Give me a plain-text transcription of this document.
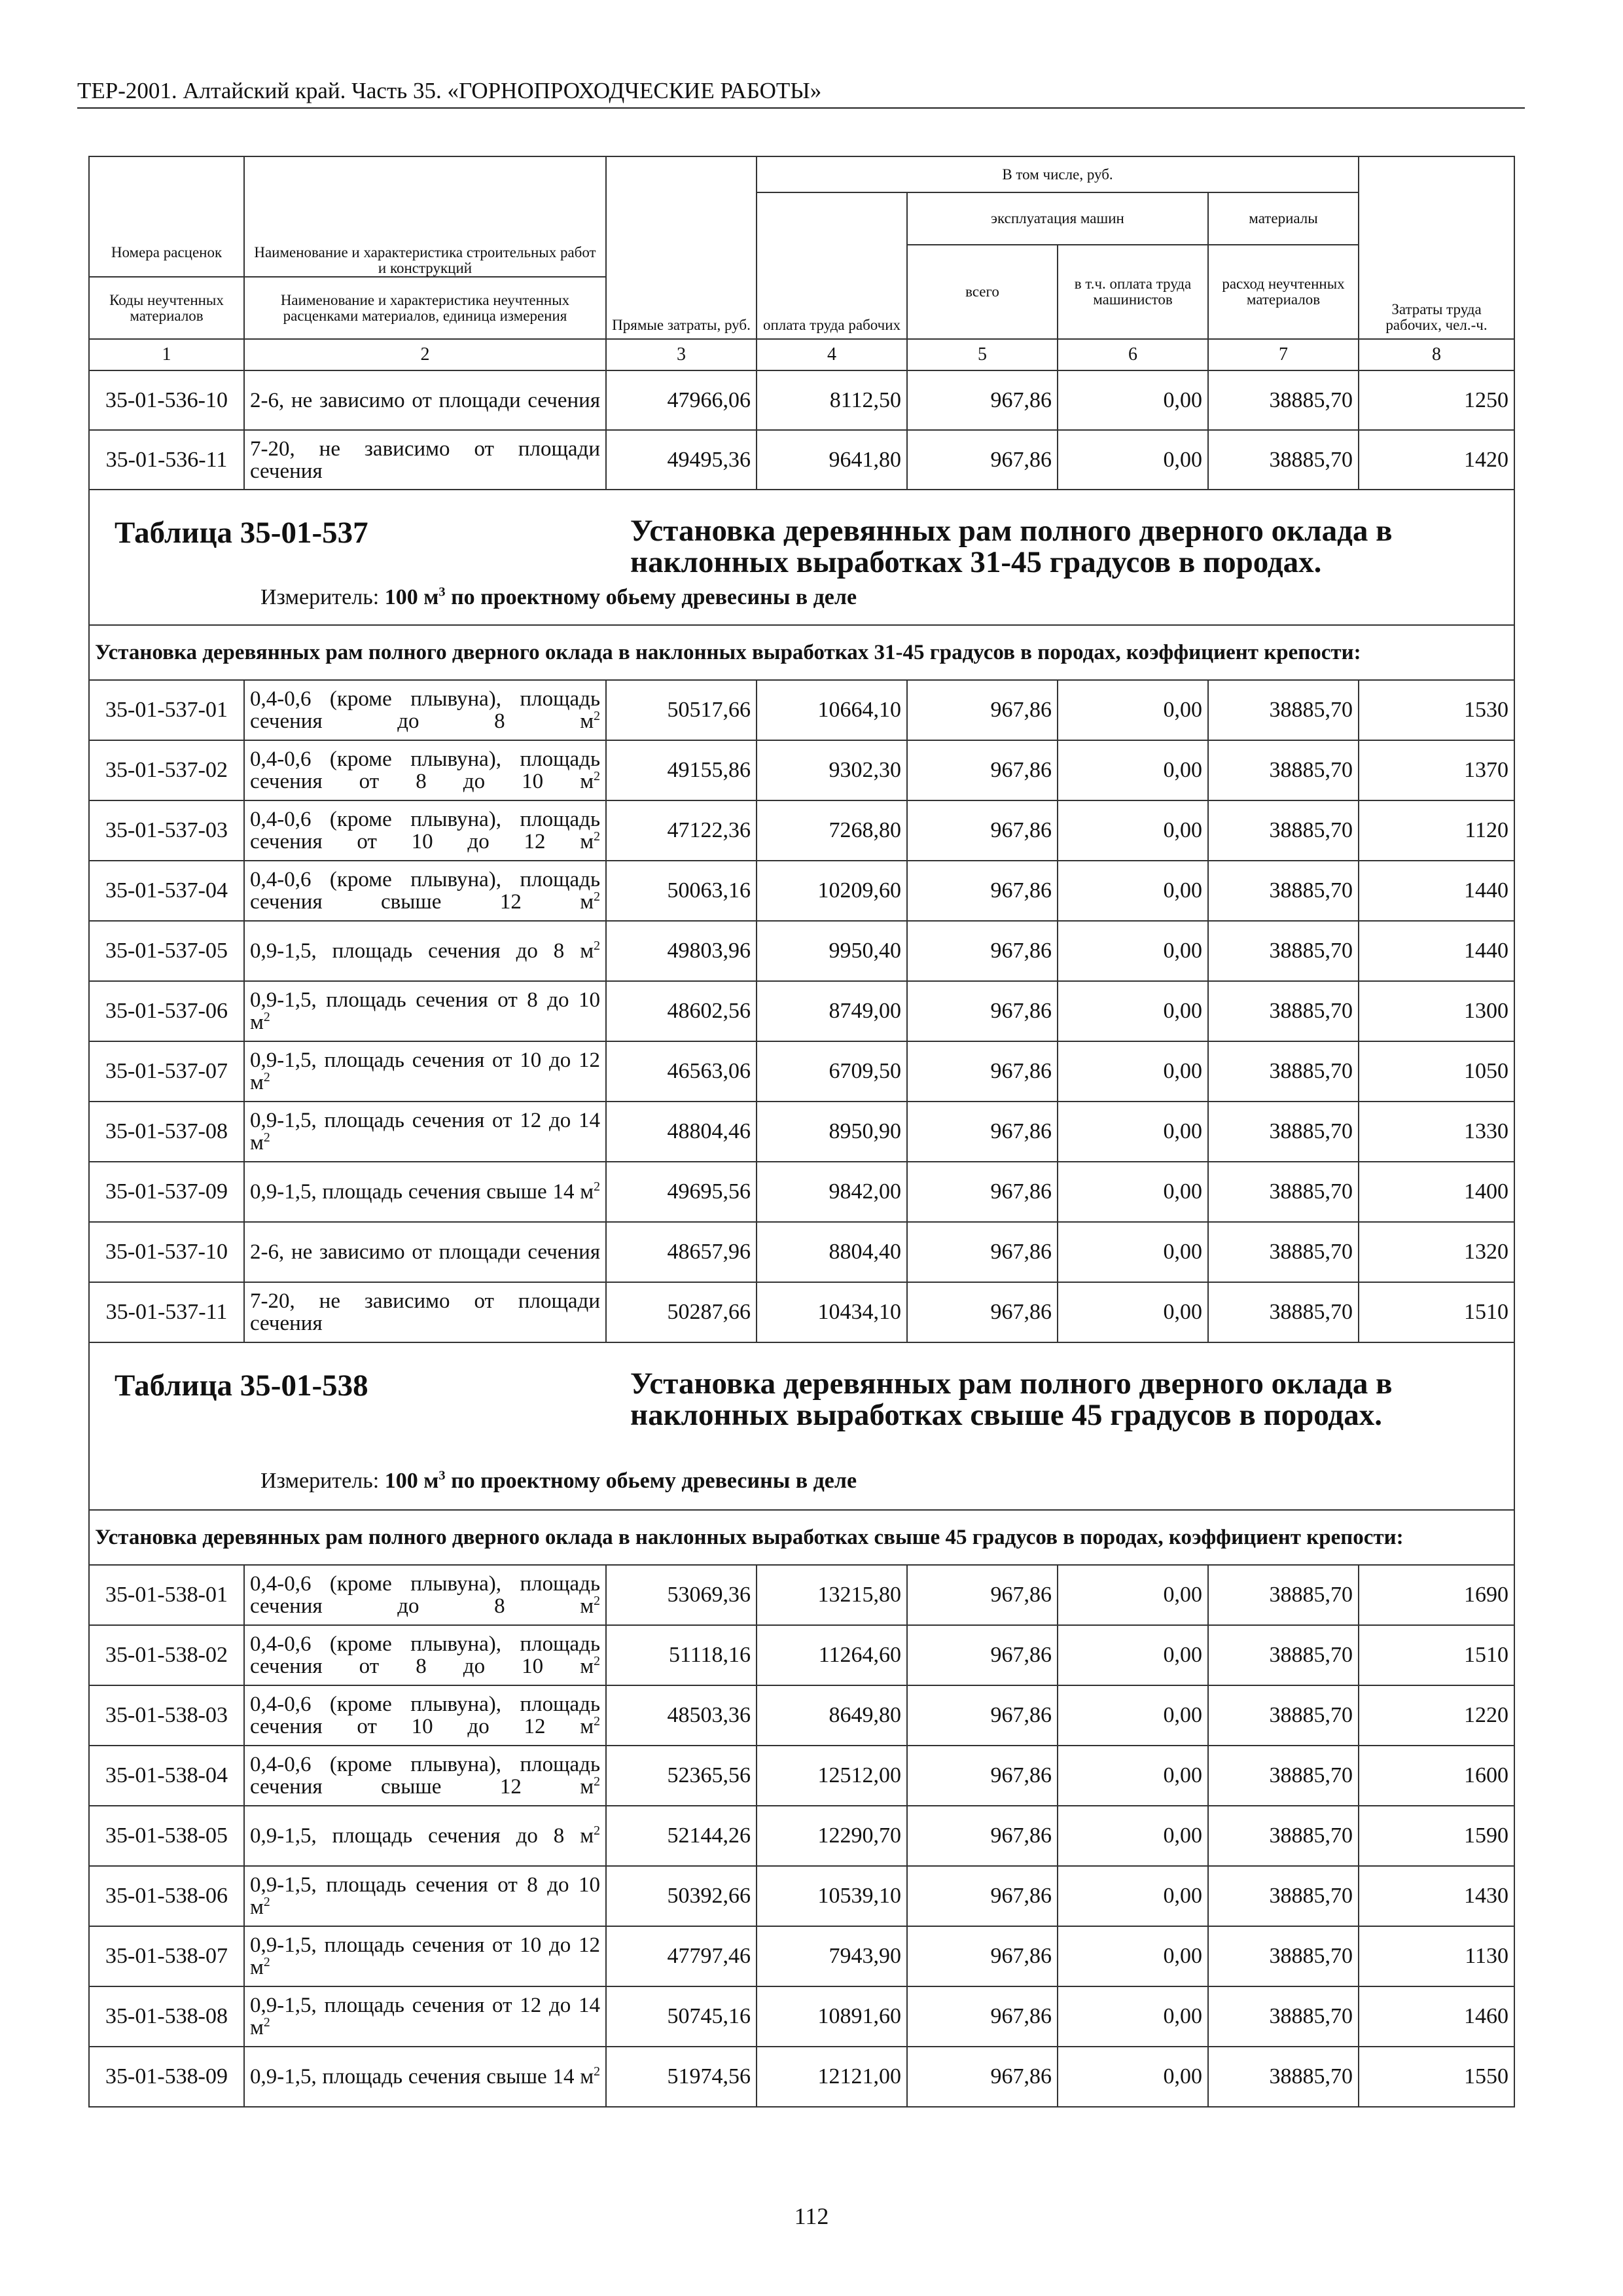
ТЕР-2001. Алтайский край. Часть 35. «ГОРНОПРОХОДЧЕСКИЕ РАБОТЫ»
		Прямые затраты, руб.	В том числе, руб.				Затраты труда рабочих, чел.-ч.
			оплата труда рабочих	эксплуатация машин		материалы	
Номера расценок	Наименование и характеристика строительных работ и конструкций			всего	в т.ч. оплата труда машинистов	расход неучтенных материалов	
Коды неучтенных материалов	Наименование и характеристика неучтенных расценками материалов, единица измерения						
1	2	3	4	5	6	7	8
35-01-536-10	2-6, не зависимо от площади сечения	47966,06	8112,50	967,86	0,00	38885,70	1250
35-01-536-11	7-20, не зависимо от площади сечения	49495,36	9641,80	967,86	0,00	38885,70	1420

Таблица 35-01-537 Установка деревянных рам полного дверного оклада в наклонных выработках 31-45 градусов в породах.
Измеритель: 100 $м^3$ по проектному обьему древесины в деле							

Установка деревянных рам полного дверного оклада в наклонных выработках 31-45 градусов в породах, коэффициент крепости:							
35-01-537-01	0,4-0,6 (кроме плывуна), площадь сечения до 8 $м^2$	50517,66	10664,10	967,86	0,00	38885,70	1530
35-01-537-02	0,4-0,6 (кроме плывуна), площадь сечения от 8 до 10 $м^2$	49155,86	9302,30	967,86	0,00	38885,70	1370
35-01-537-03	0,4-0,6 (кроме плывуна), площадь сечения от 10 до 12 $м^2$	47122,36	7268,80	967,86	0,00	38885,70	1120
35-01-537-04	0,4-0,6 (кроме плывуна), площадь сечения свыше 12 $м^2$	50063,16	10209,60	967,86	0,00	38885,70	1440
35-01-537-05	0,9-1,5, площадь сечения до 8 $м^2$	49803,96	9950,40	967,86	0,00	38885,70	1440
35-01-537-06	0,9-1,5, площадь сечения от 8 до 10 $м^2$	48602,56	8749,00	967,86	0,00	38885,70	1300
35-01-537-07	0,9-1,5, площадь сечения от 10 до 12 $м^2$	46563,06	6709,50	967,86	0,00	38885,70	1050
35-01-537-08	0,9-1,5, площадь сечения от 12 до 14 $м^2$	48804,46	8950,90	967,86	0,00	38885,70	1330
35-01-537-09	0,9-1,5, площадь сечения свыше 14 $м^2$	49695,56	9842,00	967,86	0,00	38885,70	1400
35-01-537-10	2-6, не зависимо от площади сечения	48657,96	8804,40	967,86	0,00	38885,70	1320
35-01-537-11	7-20, не зависимо от площади сечения	50287,66	10434,10	967,86	0,00	38885,70	1510

Таблица 35-01-538 Установка деревянных рам полного дверного оклада в наклонных выработках свыше 45 градусов в породах.
Измеритель: 100 $м^3$ по проектному обьему древесины в деле							

Установка деревянных рам полного дверного оклада в наклонных выработках свыше 45 градусов в породах, коэффициент крепости:							
35-01-538-01	0,4-0,6 (кроме плывуна), площадь сечения до 8 $м^2$	53069,36	13215,80	967,86	0,00	38885,70	1690
35-01-538-02	0,4-0,6 (кроме плывуна), площадь сечения от 8 до 10 $м^2$	51118,16	11264,60	967,86	0,00	38885,70	1510
35-01-538-03	0,4-0,6 (кроме плывуна), площадь сечения от 10 до 12 $м^2$	48503,36	8649,80	967,86	0,00	38885,70	1220
35-01-538-04	0,4-0,6 (кроме плывуна), площадь сечения свыше 12 $м^2$	52365,56	12512,00	967,86	0,00	38885,70	1600
35-01-538-05	0,9-1,5, площадь сечения до 8 $м^2$	52144,26	12290,70	967,86	0,00	38885,70	1590
35-01-538-06	0,9-1,5, площадь сечения от 8 до 10 $м^2$	50392,66	10539,10	967,86	0,00	38885,70	1430
35-01-538-07	0,9-1,5, площадь сечения от 10 до 12 $м^2$	47797,46	7943,90	967,86	0,00	38885,70	1130
35-01-538-08	0,9-1,5, площадь сечения от 12 до 14 $м^2$	50745,16	10891,60	967,86	0,00	38885,70	1460
35-01-538-09	0,9-1,5, площадь сечения свыше 14 $м^2$	51974,56	12121,00	967,86	0,00	38885,70	1550
112
